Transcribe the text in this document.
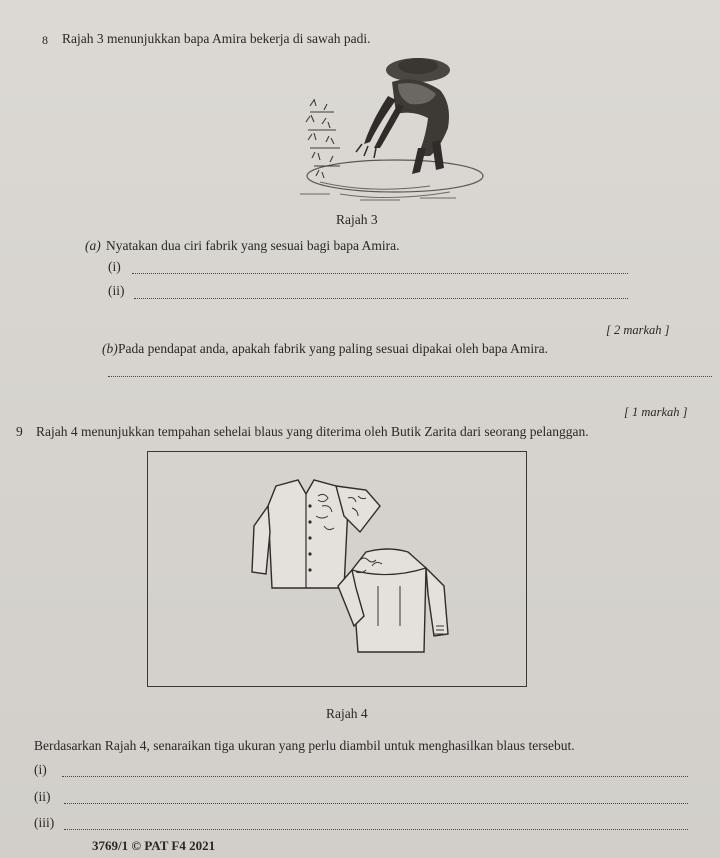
8 Rajah 3 menunjukkan bapa Amira bekerja di sawah padi.
Rajah 3
(a) Nyatakan dua ciri fabrik yang sesuai bagi bapa Amira.
(i)
(ii)
[ 2 markah ]
(b) Pada pendapat anda, apakah fabrik yang paling sesuai dipakai oleh bapa Amira.
[ 1 markah ]
9 Rajah 4 menunjukkan tempahan sehelai blaus yang diterima oleh Butik Zarita dari seorang pelanggan.
Rajah 4
Berdasarkan Rajah 4, senaraikan tiga ukuran yang perlu diambil untuk menghasilkan blaus tersebut.
(i)
(ii)
(iii)
3769/1 © PAT F4 2021
